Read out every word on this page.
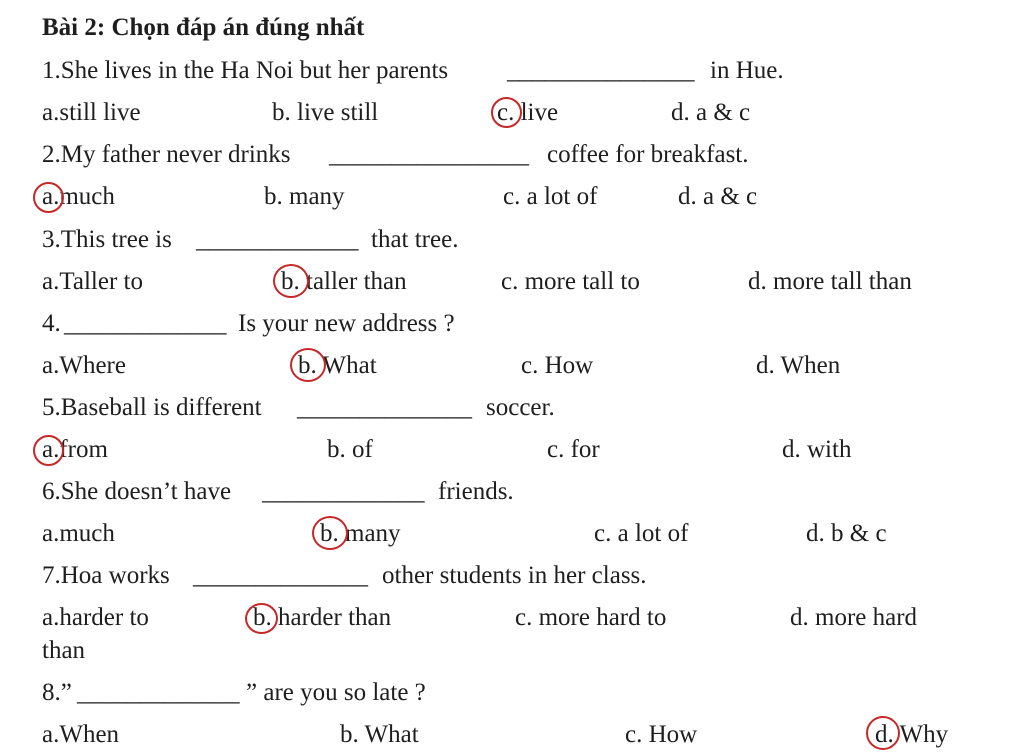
Bài 2: Chọn đáp án đúng nhất
1.She lives in the Ha Noi but her parents _______________ in Hue.
a.still live	b. live still	c. live	d. a & c
2.My father never drinks ________________ coffee for breakfast.
a.much	b. many	c. a lot of	d. a & c
3.This tree is _____________ that tree.
a.Taller to	b. taller than	c. more tall to	d. more tall than
4. _____________ Is your new address ?
a.Where	b. What	c. How	d. When
5.Baseball is different ______________ soccer.
a.from	b. of	c. for	d. with
6.She doesn’t have _____________ friends.
a.much	b. many	c. a lot of	d. b & c
7.Hoa works ______________ other students in her class.
a.harder to	b. harder than	c. more hard to	d. more hard
than
8.” _____________ ” are you so late ?
a.When	b. What	c. How	d. Why
